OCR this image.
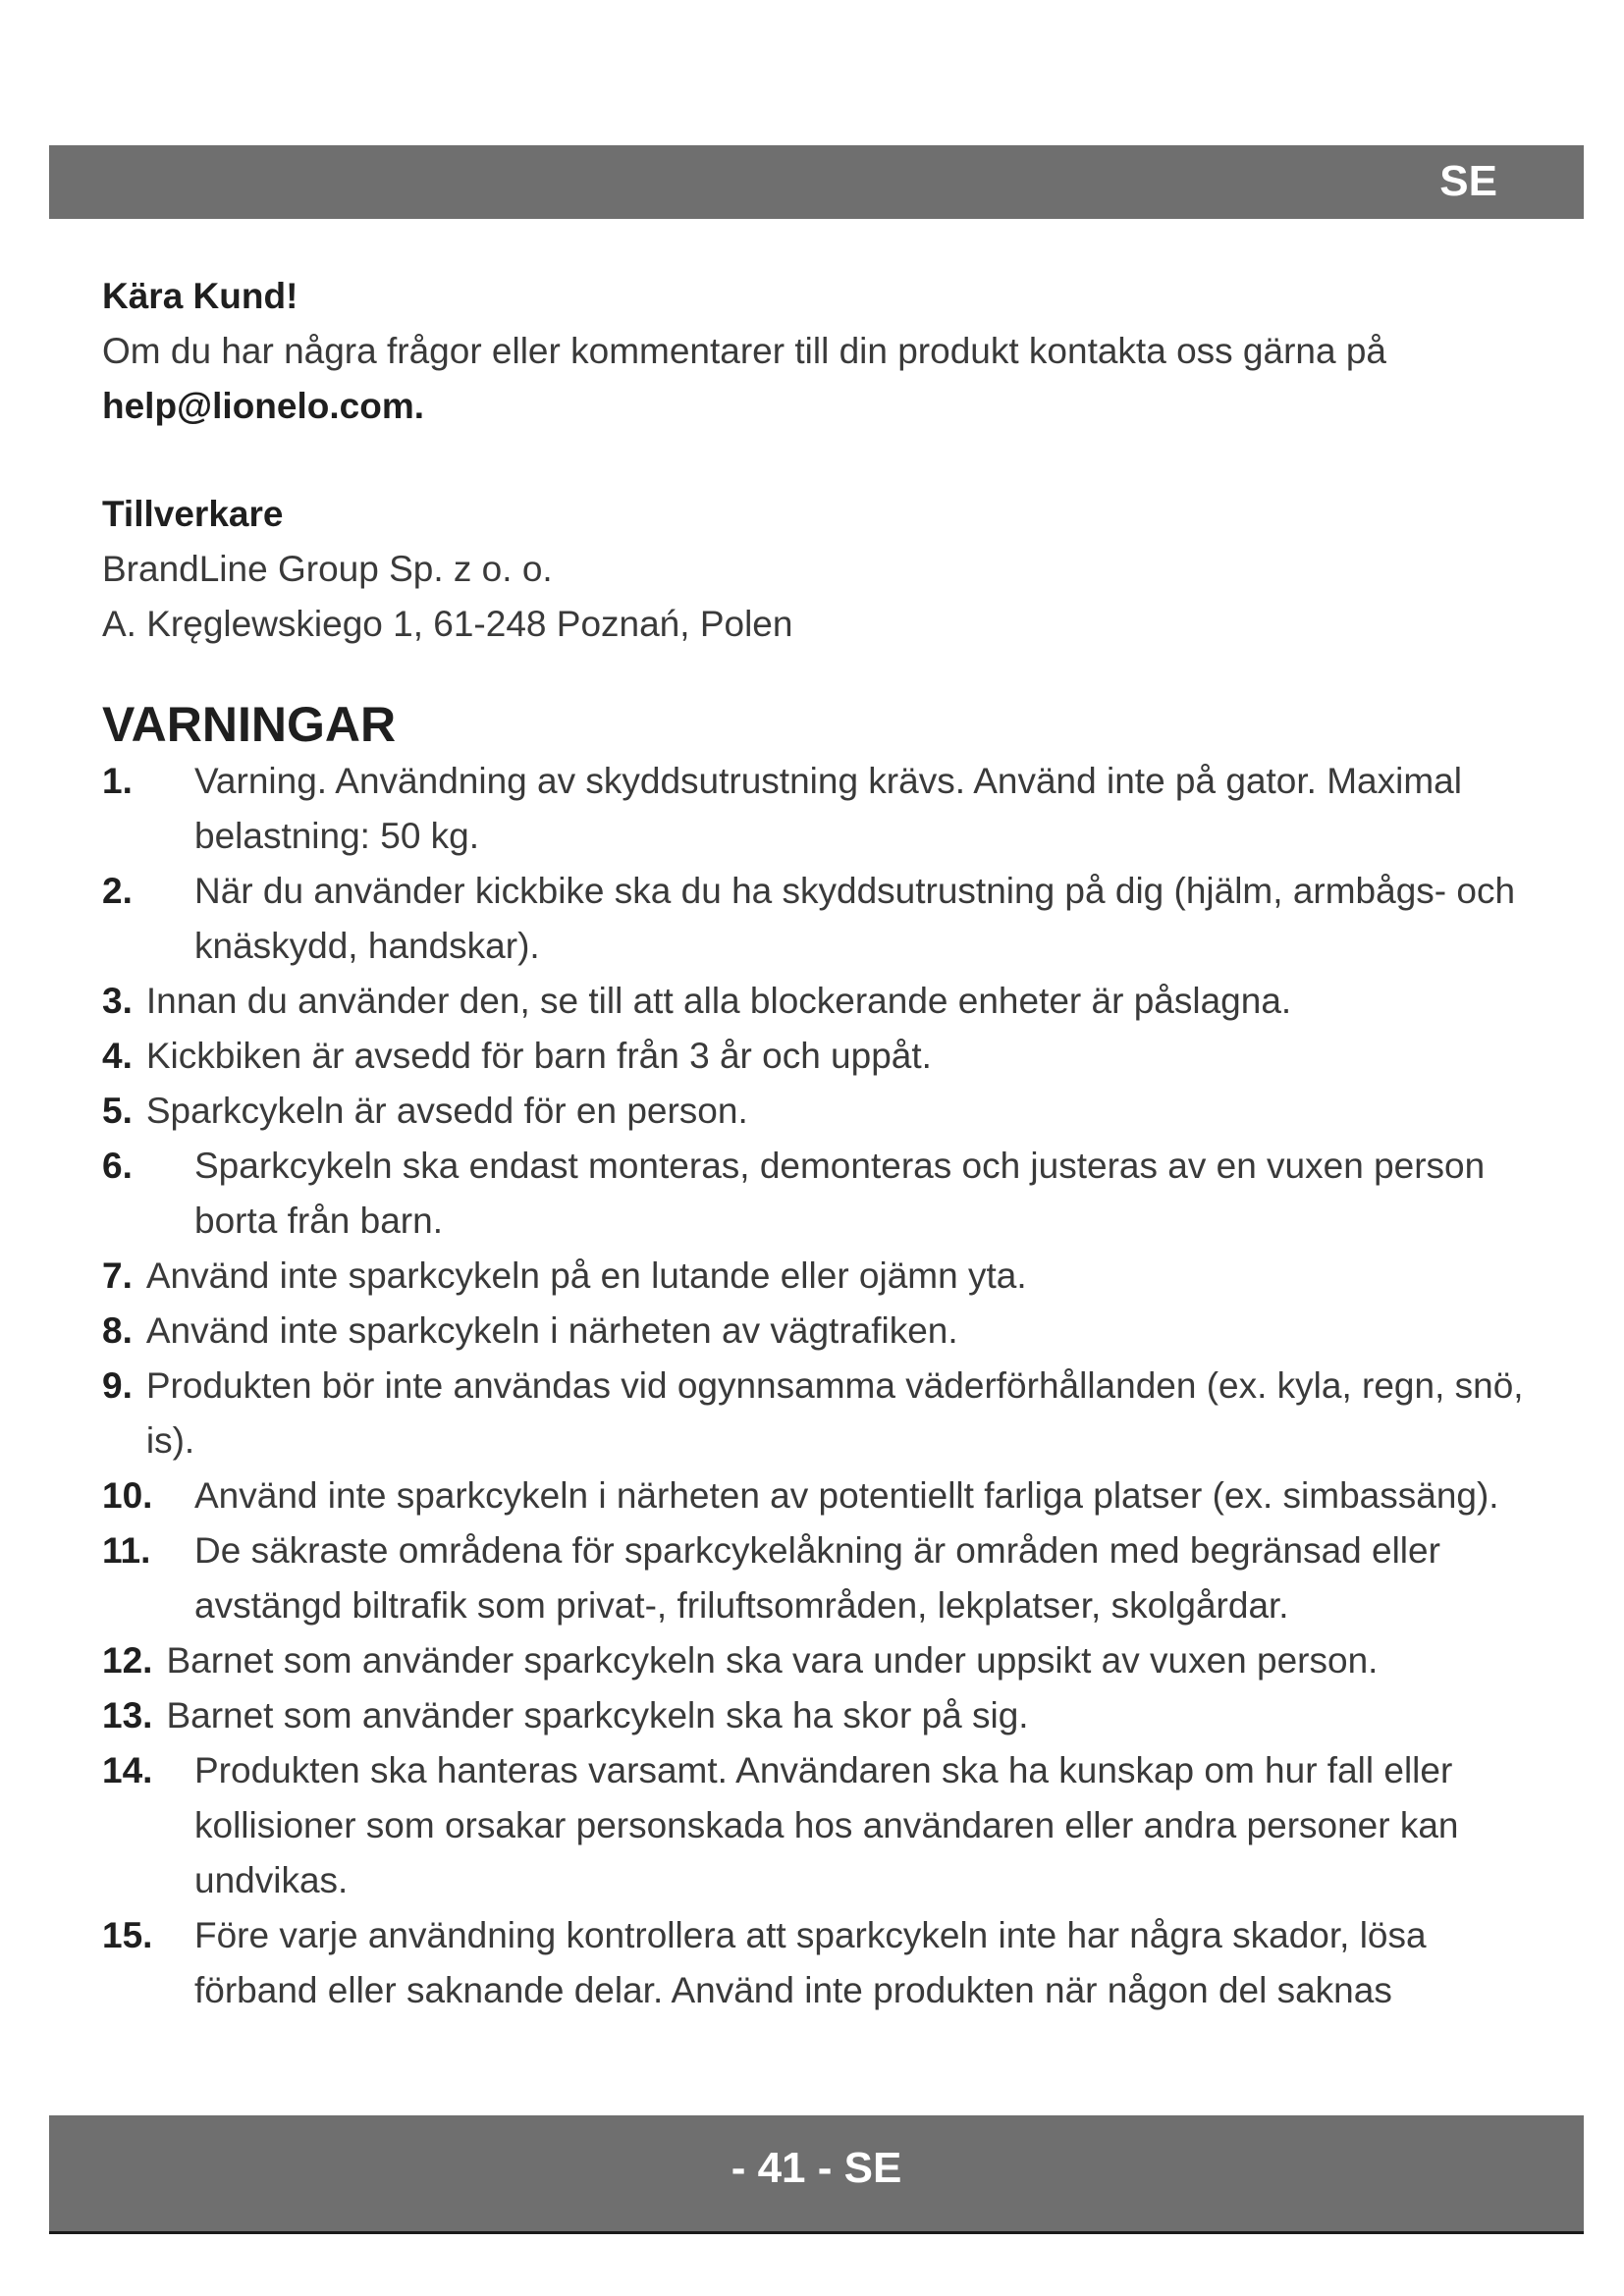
SE
Kära Kund!
Om du har några frågor eller kommentarer till din produkt kontakta oss gärna på
help@lionelo.com.
Tillverkare
BrandLine Group Sp. z o. o.
A. Kręglewskiego 1, 61-248 Poznań, Polen
VARNINGAR
1.	Varning. Användning av skyddsutrustning krävs. Använd inte på gator. Maximal belastning: 50 kg.
2.	När du använder kickbike ska du ha skyddsutrustning på dig (hjälm, armbågs- och knäskydd, handskar).
3. Innan du använder den, se till att alla blockerande enheter är påslagna.
4. Kickbiken är avsedd för barn från 3 år och uppåt.
5. Sparkcykeln är avsedd för en person.
6.	Sparkcykeln ska endast monteras, demonteras och justeras av en vuxen person borta från barn.
7. Använd inte sparkcykeln på en lutande eller ojämn yta.
8. Använd inte sparkcykeln i närheten av vägtrafiken.
9. Produkten bör inte användas vid ogynnsamma väderförhållanden (ex. kyla, regn, snö, is).
10.	Använd inte sparkcykeln i närheten av potentiellt farliga platser (ex. simbassäng).
11.	De säkraste områdena för sparkcykelåkning är områden med begränsad eller avstängd biltrafik som privat-, friluftsområden, lekplatser, skolgårdar.
12. Barnet som använder sparkcykeln ska vara under uppsikt av vuxen person.
13. Barnet som använder sparkcykeln ska ha skor på sig.
14.	Produkten ska hanteras varsamt. Användaren ska ha kunskap om hur fall eller kollisioner som orsakar personskada hos användaren eller andra personer kan undvikas.
15.	Före varje användning kontrollera att sparkcykeln inte har några skador, lösa förband eller saknande delar. Använd inte produkten när någon del saknas
- 41 - SE
